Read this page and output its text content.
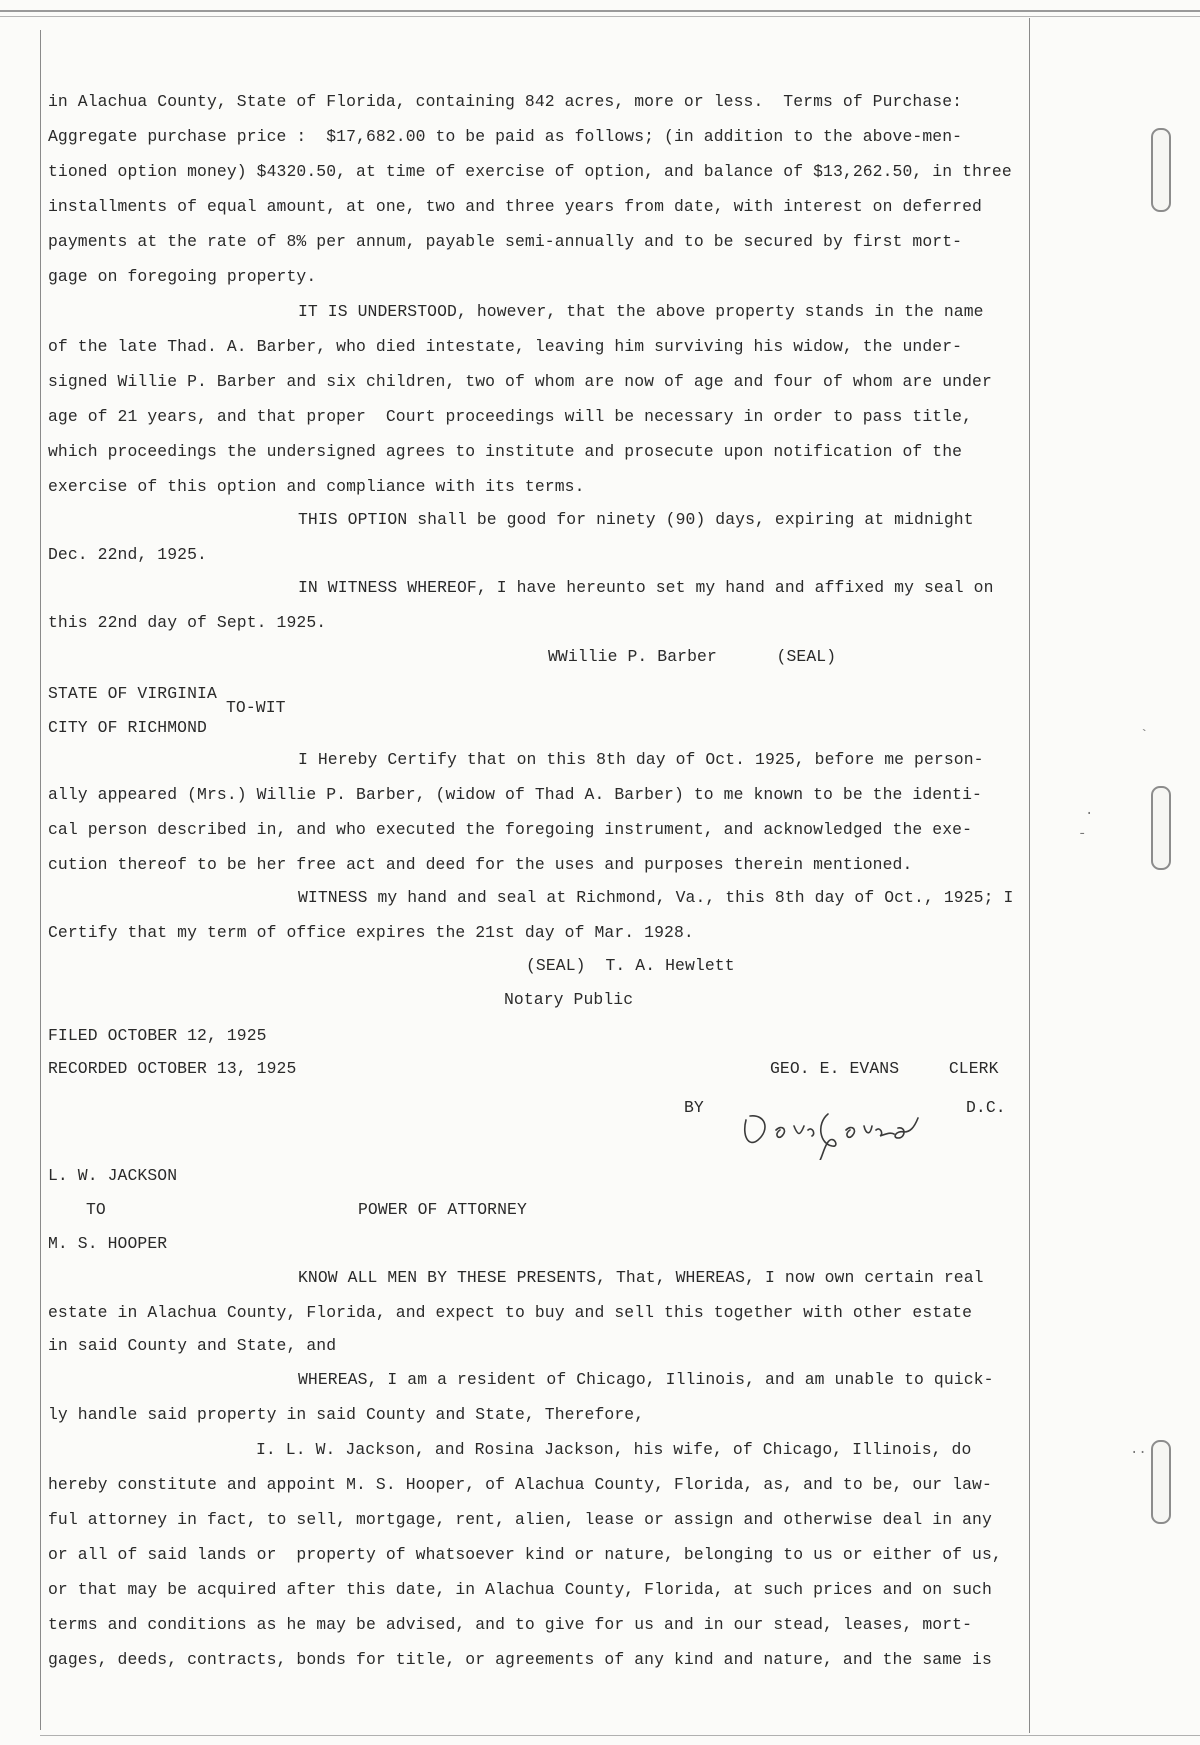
in Alachua County, State of Florida, containing 842 acres, more or less.  Terms of Purchase:
Aggregate purchase price :  $17,682.00 to be paid as follows; (in addition to the above-men-
tioned option money) $4320.50, at time of exercise of option, and balance of $13,262.50, in three
installments of equal amount, at one, two and three years from date, with interest on deferred
payments at the rate of 8% per annum, payable semi-annually and to be secured by first mort-
gage on foregoing property.
IT IS UNDERSTOOD, however, that the above property stands in the name
of the late Thad. A. Barber, who died intestate, leaving him surviving his widow, the under-
signed Willie P. Barber and six children, two of whom are now of age and four of whom are under
age of 21 years, and that proper  Court proceedings will be necessary in order to pass title,
which proceedings the undersigned agrees to institute and prosecute upon notification of the
exercise of this option and compliance with its terms.
THIS OPTION shall be good for ninety (90) days, expiring at midnight
Dec. 22nd, 1925.
IN WITNESS WHEREOF, I have hereunto set my hand and affixed my seal on
this 22nd day of Sept. 1925.
WWillie P. Barber      (SEAL)
STATE OF VIRGINIA
TO-WIT
CITY OF RICHMOND
I Hereby Certify that on this 8th day of Oct. 1925, before me person-
ally appeared (Mrs.) Willie P. Barber, (widow of Thad A. Barber) to me known to be the identi-
cal person described in, and who executed the foregoing instrument, and acknowledged the exe-
cution thereof to be her free act and deed for the uses and purposes therein mentioned.
WITNESS my hand and seal at Richmond, Va., this 8th day of Oct., 1925; I
Certify that my term of office expires the 21st day of Mar. 1928.
(SEAL)  T. A. Hewlett
Notary Public
FILED OCTOBER 12, 1925
RECORDED OCTOBER 13, 1925	GEO. E. EVANS     CLERK
BY	D.C.
L. W. JACKSON
TO	POWER OF ATTORNEY
M. S. HOOPER
KNOW ALL MEN BY THESE PRESENTS, That, WHEREAS, I now own certain real
estate in Alachua County, Florida, and expect to buy and sell this together with other estate
in said County and State, and
WHEREAS, I am a resident of Chicago, Illinois, and am unable to quick-
ly handle said property in said County and State, Therefore,
I. L. W. Jackson, and Rosina Jackson, his wife, of Chicago, Illinois, do
hereby constitute and appoint M. S. Hooper, of Alachua County, Florida, as, and to be, our law-
ful attorney in fact, to sell, mortgage, rent, alien, lease or assign and otherwise deal in any
or all of said lands or  property of whatsoever kind or nature, belonging to us or either of us,
or that may be acquired after this date, in Alachua County, Florida, at such prices and on such
terms and conditions as he may be advised, and to give for us and in our stead, leases, mort-
gages, deeds, contracts, bonds for title, or agreements of any kind and nature, and the same is
`
-
·
··
